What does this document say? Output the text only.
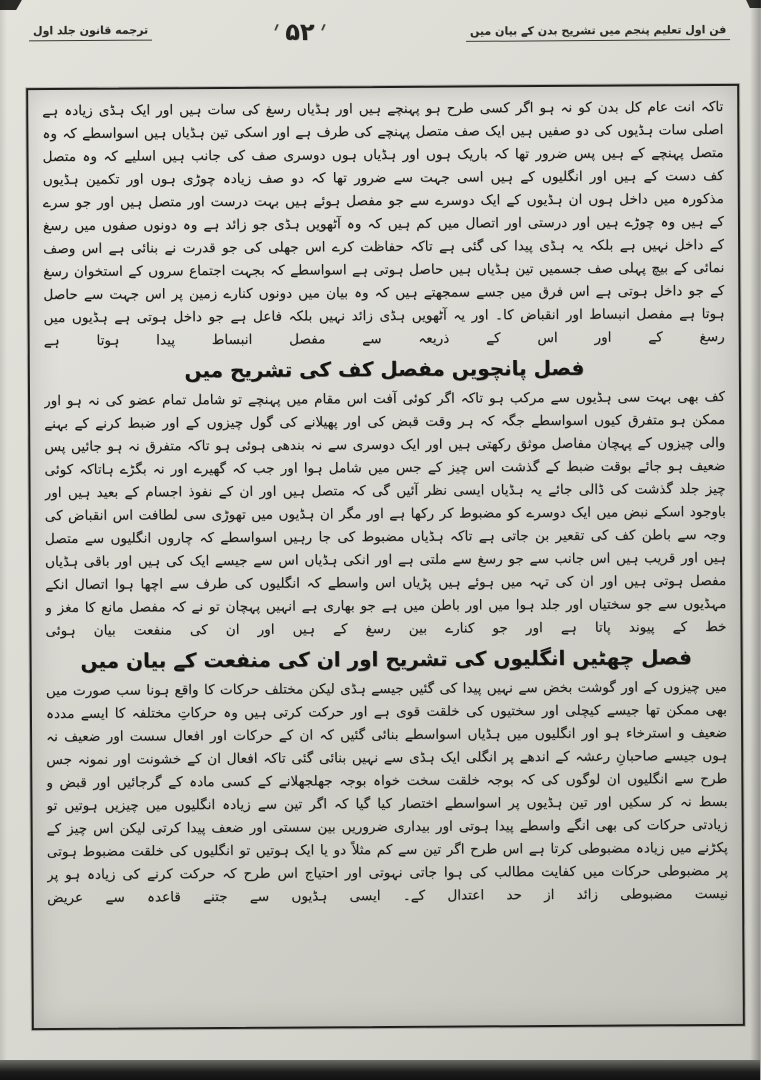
فن اول تعلیم پنجم میں تشریح بدن کے بیان میں
؍ ۵۲ ؍
ترجمه قانون جلد اول
تاکہ انت عام کل بدن کو نہ ہو اگر کسی طرح ہو پہنچے ہیں اور ہڈیاں رسغ کی سات ہیں اور ایک ہڈی زیادہ ہے اصلی سات ہڈیوں کی دو صفیں ہیں ایک صف متصل پہنچے کی طرف ہے اور اسکی تین ہڈیاں ہیں اسواسطے کہ وہ متصل پہنچے کے ہیں پس ضرور تھا کہ باریک ہوں اور ہڈیاں ہوں دوسری صف کی جانب ہیں اسلیے کہ وہ متصل کف دست کے ہیں اور انگلیوں کے ہیں اسی جہت سے ضرور تھا کہ دو صف زیادہ چوڑی ہوں اور تکمین ہڈیوں مذکورہ میں داخل ہوں ان ہڈیوں کے ایک دوسرے سے جو مفصل ہوئے ہیں بہت درست اور متصل ہیں اور جو سرے کے ہیں وہ چوڑے ہیں اور درستی اور اتصال میں کم ہیں کہ وہ آٹھویں ہڈی جو زائد ہے وہ دونوں صفوں میں رسغ کے داخل نہیں ہے بلکہ یہ ہڈی پیدا کی گئی ہے تاکہ حفاظت کرے اس جھلی کی جو قدرت نے بنائی ہے اس وصف نمائی کے بیچ پہلی صف جسمیں تین ہڈیاں ہیں حاصل ہوتی ہے اسواسطے کہ بجہت اجتماع سروں کے استخوان رسغ کے جو داخل ہوتی ہے اس فرق میں جسے سمجھتے ہیں کہ وہ بیان میں دونوں کنارے زمین پر اس جہت سے حاصل ہوتا ہے مفصل انبساط اور انقباض کا۔ اور یہ آٹھویں ہڈی زائد نہیں بلکہ فاعل ہے جو داخل ہوتی ہے ہڈیوں میں رسغ کے اور اس کے ذریعہ سے مفصل انبساط پیدا ہوتا ہے
فصل پانچویں مفصل کف کی تشریح میں
کف بھی بہت سی ہڈیوں سے مرکب ہو تاکہ اگر کوئی آفت اس مقام میں پہنچے تو شامل تمام عضو کی نہ ہو اور ممکن ہو متفرق کیوں اسواسطے جگہ کہ ہر وقت قبض کی اور پھیلانے کی گول چیزوں کے اور ضبط کرنے کے بہنے والی چیزوں کے پہچان مفاصل موثق رکھتی ہیں اور ایک دوسری سے نہ بندھی ہوئی ہو تاکہ متفرق نہ ہو جائیں پس ضعیف ہو جائے بوقت ضبط کے گذشت اس چیز کے جس میں شامل ہوا اور جب کہ گھیرے اور نہ بگڑے ہاتاکہ کوئی چیز جلد گذشت کی ڈالی جائے یہ ہڈیاں ایسی نظر آئیں گی کہ متصل ہیں اور ان کے نفوذ اجسام کے بعید ہیں اور باوجود اسکے نبض میں ایک دوسرے کو مضبوط کر رکھا ہے اور مگر ان ہڈیوں میں تھوڑی سی لطافت اس انقباض کی وجہ سے باطن کف کی تقعیر بن جاتی ہے تاکہ ہڈیاں مضبوط کی جا رہیں اسواسطے کہ چاروں انگلیوں سے متصل ہیں اور قریب ہیں اس جانب سے جو رسغ سے ملتی ہے اور انکی ہڈیاں اس سے جیسے ایک کی ہیں اور باقی ہڈیاں مفصل ہوتی ہیں اور ان کی تہہ میں ہوئے ہیں پڑیاں اس واسطے کہ انگلیوں کی طرف سے اچھا ہوا اتصال انکے مہڈیوں سے جو سختیاں اور جلد ہوا میں اور باطن میں ہے جو بھاری ہے انہیں پہچان تو نے کہ مفصل مانع کا مغز و خط کے پیوند پاتا ہے اور جو کنارے بین رسغ کے ہیں اور ان کی منفعت بیان ہوئی
فصل چھٹیں انگلیوں کی تشریح اور ان کی منفعت کے بیان میں
میں چیزوں کے اور گوشت بخض سے نہیں پیدا کی گئیں جیسے ہڈی لیکن مختلف حرکات کا واقع ہونا سب صورت میں بھی ممکن تھا جیسے کیچلی اور سختیوں کی خلقت قوی ہے اور حرکت کرتی ہیں وہ حرکاتِ مختلفہ کا ایسے مددہ ضعیف و استرخاء ہو اور انگلیوں میں ہڈیاں اسواسطے بنائی گئیں کہ ان کے حرکات اور افعال سست اور ضعیف نہ ہوں جیسے صاحبانِ رعشہ کے اندھے پر انگلی ایک ہڈی سے نہیں بنائی گئی تاکہ افعال ان کے خشونت اور نمونہ جس طرح سے انگلیوں ان لوگوں کی کہ بوجہ خلقت سخت خواہ بوجہ جھلجھلانے کے کسی مادہ کے گرجائیں اور قبض و بسط نہ کر سکیں اور تین ہڈیوں پر اسواسطے اختصار کیا گیا کہ اگر تین سے زیادہ انگلیوں میں چیزیں ہوتیں تو زیادتی حرکات کی بھی انگے واسطے پیدا ہوتی اور بیداری ضروریں بین سستی اور ضعف پیدا کرتی لیکن اس چیز کے پکڑنے میں زیادہ مضبوطی کرتا ہے اس طرح اگر تین سے کم مثلاً دو یا ایک ہوتیں تو انگلیوں کی خلقت مضبوط ہوتی پر مضبوطی حرکات میں کفایت مطالب کی ہوا جاتی نہوتی اور احتیاج اس طرح کہ حرکت کرنے کی زیادہ ہو پر نیست مضبوطی زائد از حد اعتدال کے۔ ایسی ہڈیوں سے جتنے قاعدہ سے عریض
